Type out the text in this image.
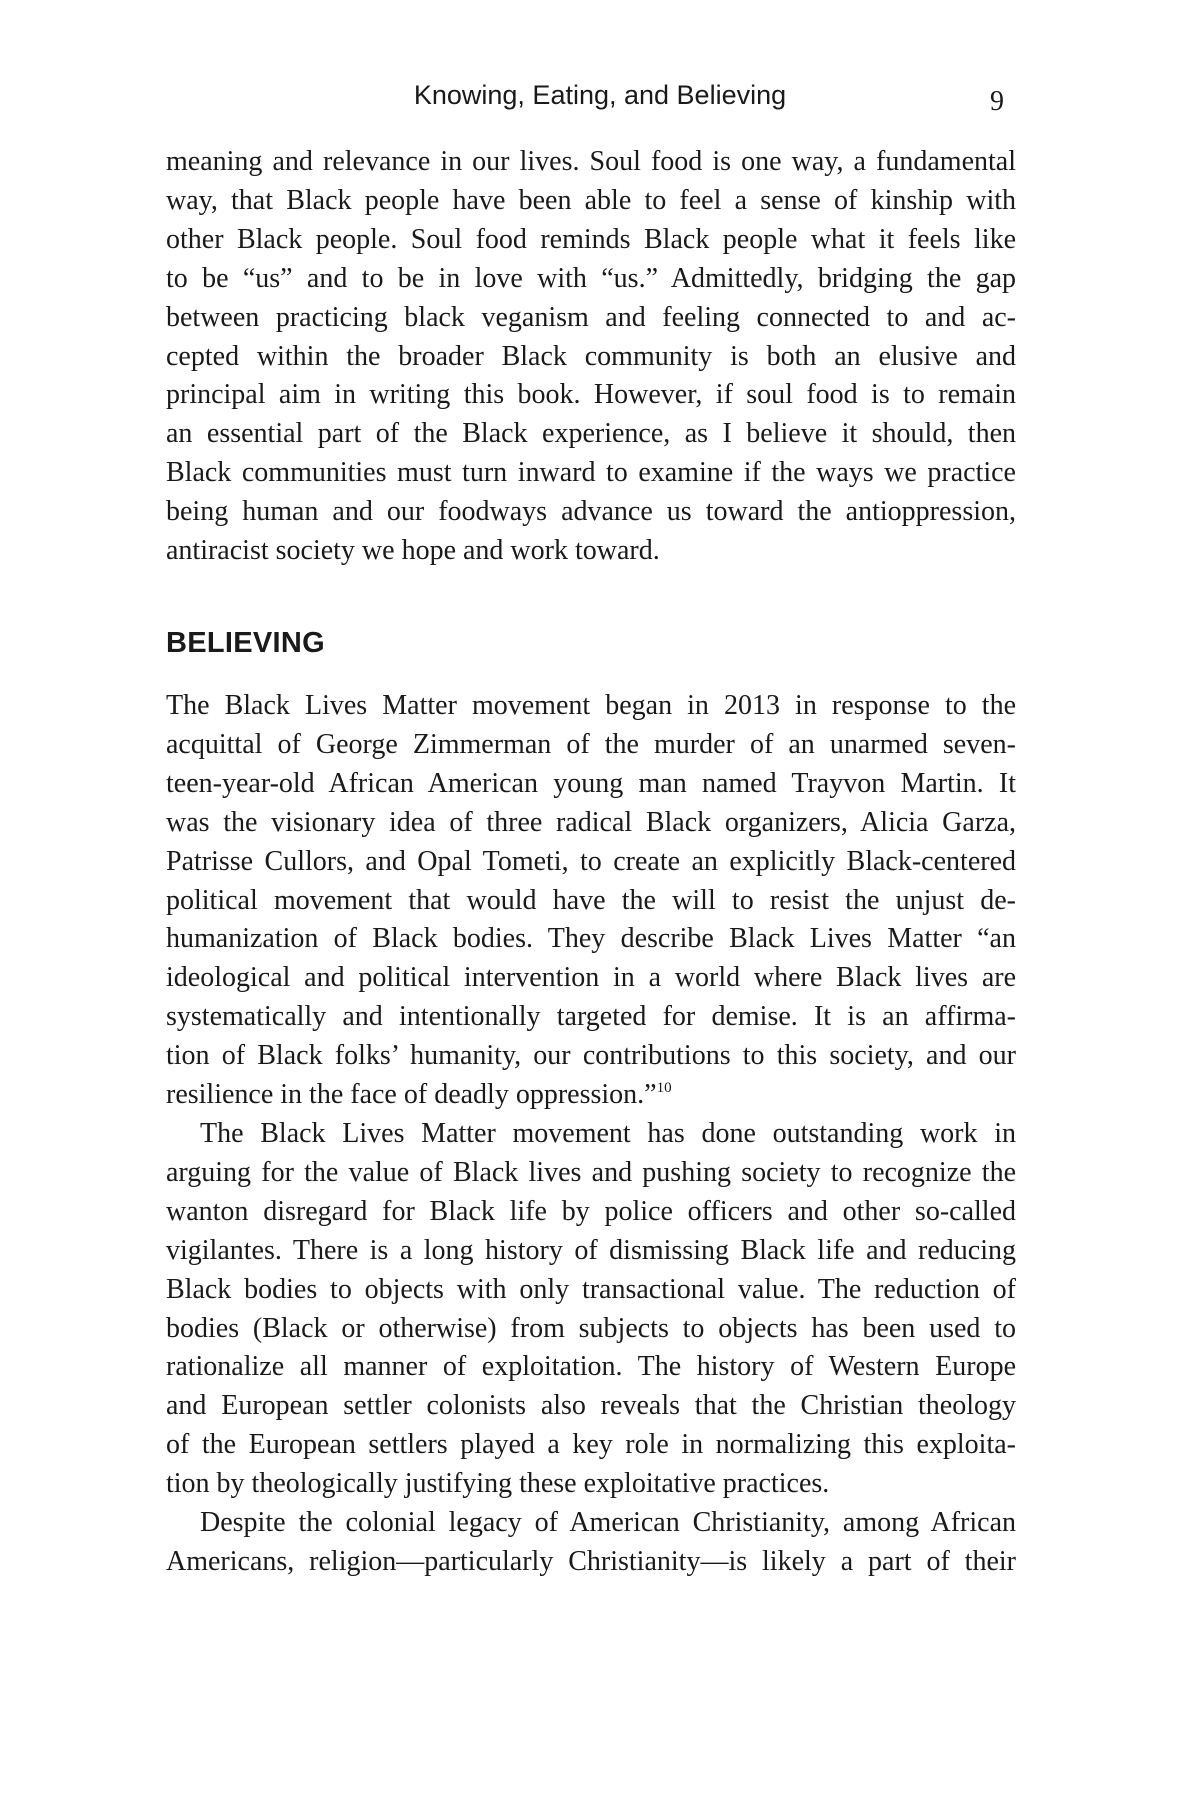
Knowing, Eating, and Believing	9
meaning and relevance in our lives. Soul food is one way, a fundamental
way, that Black people have been able to feel a sense of kinship with
other Black people. Soul food reminds Black people what it feels like
to be “us” and to be in love with “us.” Admittedly, bridging the gap
between practicing black veganism and feeling connected to and ac-
cepted within the broader Black community is both an elusive and
principal aim in writing this book. However, if soul food is to remain
an essential part of the Black experience, as I believe it should, then
Black communities must turn inward to examine if the ways we practice
being human and our foodways advance us toward the antioppression,
antiracist society we hope and work toward.
BELIEVING
The Black Lives Matter movement began in 2013 in response to the
acquittal of George Zimmerman of the murder of an unarmed seven-
teen-year-old African American young man named Trayvon Martin. It
was the visionary idea of three radical Black organizers, Alicia Garza,
Patrisse Cullors, and Opal Tometi, to create an explicitly Black-centered
political movement that would have the will to resist the unjust de-
humanization of Black bodies. They describe Black Lives Matter “an
ideological and political intervention in a world where Black lives are
systematically and intentionally targeted for demise. It is an affirma-
tion of Black folks’ humanity, our contributions to this society, and our
resilience in the face of deadly oppression.”$^{10}$
The Black Lives Matter movement has done outstanding work in
arguing for the value of Black lives and pushing society to recognize the
wanton disregard for Black life by police officers and other so-called
vigilantes. There is a long history of dismissing Black life and reducing
Black bodies to objects with only transactional value. The reduction of
bodies (Black or otherwise) from subjects to objects has been used to
rationalize all manner of exploitation. The history of Western Europe
and European settler colonists also reveals that the Christian theology
of the European settlers played a key role in normalizing this exploita-
tion by theologically justifying these exploitative practices.
Despite the colonial legacy of American Christianity, among African
Americans, religion—particularly Christianity—is likely a part of their
